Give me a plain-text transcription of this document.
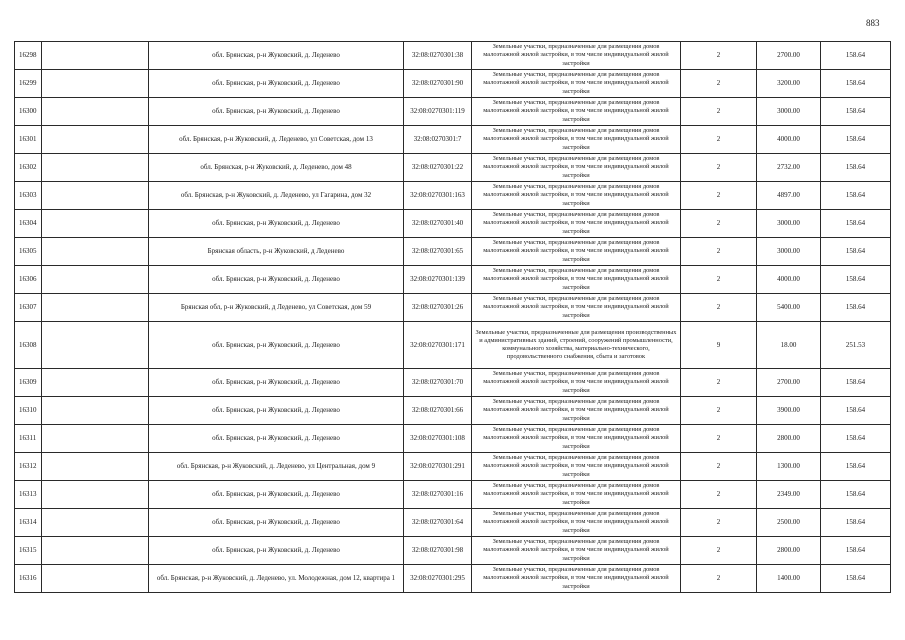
883
16298		обл. Брянская, р-н Жуковский, д. Леденево	32:08:0270301:38	Земельные участки, предназначенные для размещения домов малоэтажной жилой застройки, в том числе индивидуальной жилой застройки	2	2700.00	158.64	
16299		обл. Брянская, р-н Жуковский, д. Леденево	32:08:0270301:90	Земельные участки, предназначенные для размещения домов малоэтажной жилой застройки, в том числе индивидуальной жилой застройки	2	3200.00	158.64	
16300		обл. Брянская, р-н Жуковский, д. Леденево	32:08:0270301:119	Земельные участки, предназначенные для размещения домов малоэтажной жилой застройки, в том числе индивидуальной жилой застройки	2	3000.00	158.64	
16301		обл. Брянская, р-н Жуковский, д. Леденево, ул Советская, дом 13	32:08:0270301:7	Земельные участки, предназначенные для размещения домов малоэтажной жилой застройки, в том числе индивидуальной жилой застройки	2	4000.00	158.64	
16302		обл. Брянская, р-н Жуковский, д. Леденево, дом 48	32:08:0270301:22	Земельные участки, предназначенные для размещения домов малоэтажной жилой застройки, в том числе индивидуальной жилой застройки	2	2732.00	158.64	
16303		обл. Брянская, р-н Жуковский, д. Леденево, ул Гагарина, дом 32	32:08:0270301:163	Земельные участки, предназначенные для размещения домов малоэтажной жилой застройки, в том числе индивидуальной жилой застройки	2	4897.00	158.64	
16304		обл. Брянская, р-н Жуковский, д. Леденево	32:08:0270301:40	Земельные участки, предназначенные для размещения домов малоэтажной жилой застройки, в том числе индивидуальной жилой застройки	2	3000.00	158.64	
16305		Брянская область, р-н Жуковский, д Леденево	32:08:0270301:65	Земельные участки, предназначенные для размещения домов малоэтажной жилой застройки, в том числе индивидуальной жилой застройки	2	3000.00	158.64	
16306		обл. Брянская, р-н Жуковский, д. Леденево	32:08:0270301:139	Земельные участки, предназначенные для размещения домов малоэтажной жилой застройки, в том числе индивидуальной жилой застройки	2	4000.00	158.64	
16307		Брянская обл, р-н Жуковский, д Леденево, ул Советская, дом 59	32:08:0270301:26	Земельные участки, предназначенные для размещения домов малоэтажной жилой застройки, в том числе индивидуальной жилой застройки	2	5400.00	158.64	
16308		обл. Брянская, р-н Жуковский, д. Леденево	32:08:0270301:171	Земельные участки, предназначенные для размещения производственных и административных зданий, строений, сооружений промышленности, коммунального хозяйства, материально-технического, продовольственного снабжения, сбыта и заготовок	9	18.00	251.53	
16309		обл. Брянская, р-н Жуковский, д. Леденево	32:08:0270301:70	Земельные участки, предназначенные для размещения домов малоэтажной жилой застройки, в том числе индивидуальной жилой застройки	2	2700.00	158.64	
16310		обл. Брянская, р-н Жуковский, д. Леденево	32:08:0270301:66	Земельные участки, предназначенные для размещения домов малоэтажной жилой застройки, в том числе индивидуальной жилой застройки	2	3900.00	158.64	
16311		обл. Брянская, р-н Жуковский, д. Леденево	32:08:0270301:108	Земельные участки, предназначенные для размещения домов малоэтажной жилой застройки, в том числе индивидуальной жилой застройки	2	2800.00	158.64	
16312		обл. Брянская, р-н Жуковский, д. Леденево, ул Центральная, дом 9	32:08:0270301:291	Земельные участки, предназначенные для размещения домов малоэтажной жилой застройки, в том числе индивидуальной жилой застройки	2	1300.00	158.64	
16313		обл. Брянская, р-н Жуковский, д. Леденево	32:08:0270301:16	Земельные участки, предназначенные для размещения домов малоэтажной жилой застройки, в том числе индивидуальной жилой застройки	2	2349.00	158.64	
16314		обл. Брянская, р-н Жуковский, д. Леденево	32:08:0270301:64	Земельные участки, предназначенные для размещения домов малоэтажной жилой застройки, в том числе индивидуальной жилой застройки	2	2500.00	158.64	
16315		обл. Брянская, р-н Жуковский, д. Леденево	32:08:0270301:98	Земельные участки, предназначенные для размещения домов малоэтажной жилой застройки, в том числе индивидуальной жилой застройки	2	2800.00	158.64	
16316		обл. Брянская, р-н Жуковский, д. Леденево, ул. Молодежная, дом 12, квартира 1	32:08:0270301:295	Земельные участки, предназначенные для размещения домов малоэтажной жилой застройки, в том числе индивидуальной жилой застройки	2	1400.00	158.64	
